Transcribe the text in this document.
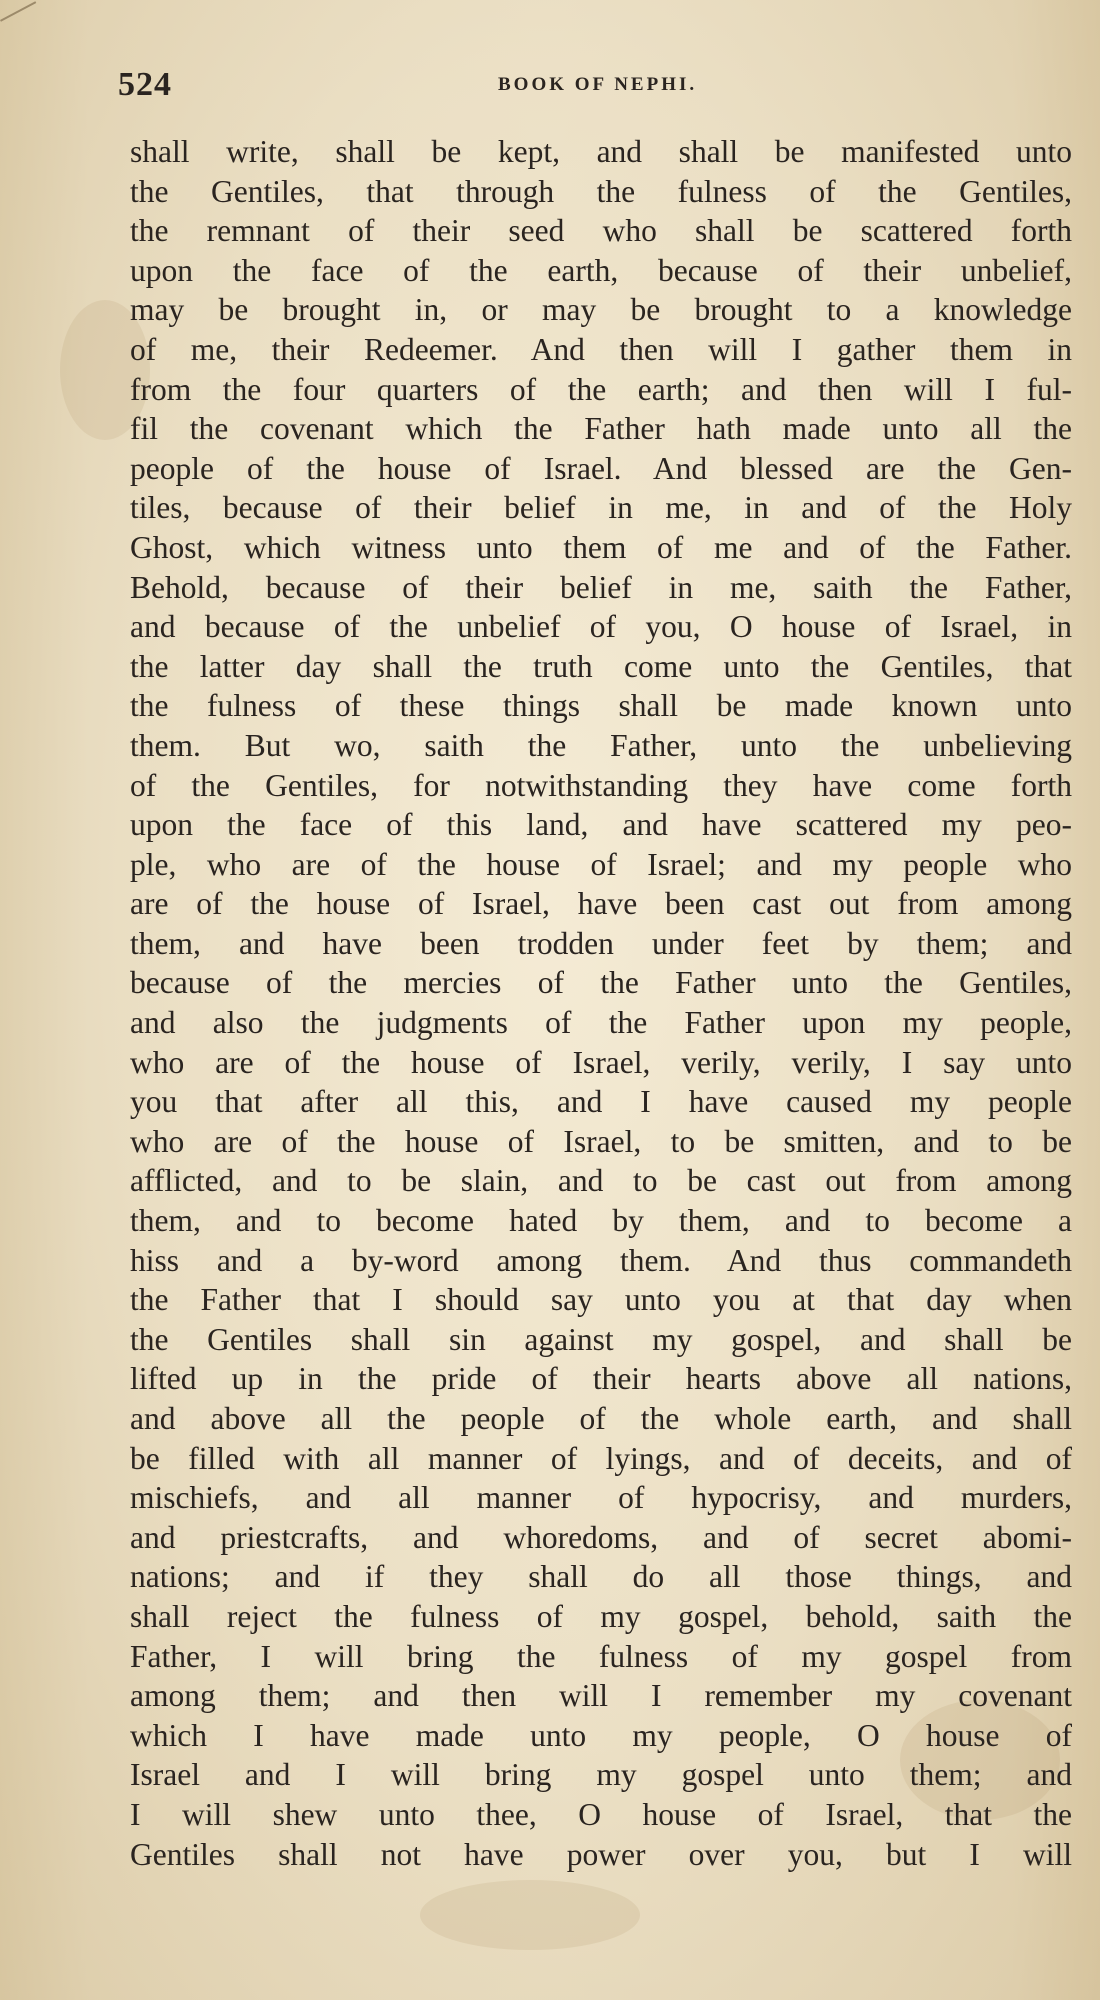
524	BOOK OF NEPHI.
shall write, shall be kept, and shall be manifested unto
the Gentiles, that through the fulness of the Gentiles,
the remnant of their seed who shall be scattered forth
upon the face of the earth, because of their unbelief,
may be brought in, or may be brought to a knowledge
of me, their Redeemer. And then will I gather them in
from the four quarters of the earth; and then will I ful-
fil the covenant which the Father hath made unto all the
people of the house of Israel. And blessed are the Gen-
tiles, because of their belief in me, in and of the Holy
Ghost, which witness unto them of me and of the Father.
Behold, because of their belief in me, saith the Father,
and because of the unbelief of you, O house of Israel, in
the latter day shall the truth come unto the Gentiles, that
the fulness of these things shall be made known unto
them. But wo, saith the Father, unto the unbelieving
of the Gentiles, for notwithstanding they have come forth
upon the face of this land, and have scattered my peo-
ple, who are of the house of Israel; and my people who
are of the house of Israel, have been cast out from among
them, and have been trodden under feet by them; and
because of the mercies of the Father unto the Gentiles,
and also the judgments of the Father upon my people,
who are of the house of Israel, verily, verily, I say unto
you that after all this, and I have caused my people
who are of the house of Israel, to be smitten, and to be
afflicted, and to be slain, and to be cast out from among
them, and to become hated by them, and to become a
hiss and a by-word among them. And thus commandeth
the Father that I should say unto you at that day when
the Gentiles shall sin against my gospel, and shall be
lifted up in the pride of their hearts above all nations,
and above all the people of the whole earth, and shall
be filled with all manner of lyings, and of deceits, and of
mischiefs, and all manner of hypocrisy, and murders,
and priestcrafts, and whoredoms, and of secret abomi-
nations; and if they shall do all those things, and
shall reject the fulness of my gospel, behold, saith the
Father, I will bring the fulness of my gospel from
among them; and then will I remember my covenant
which I have made unto my people, O house of
Israel and I will bring my gospel unto them; and
I will shew unto thee, O house of Israel, that the
Gentiles shall not have power over you, but I will
